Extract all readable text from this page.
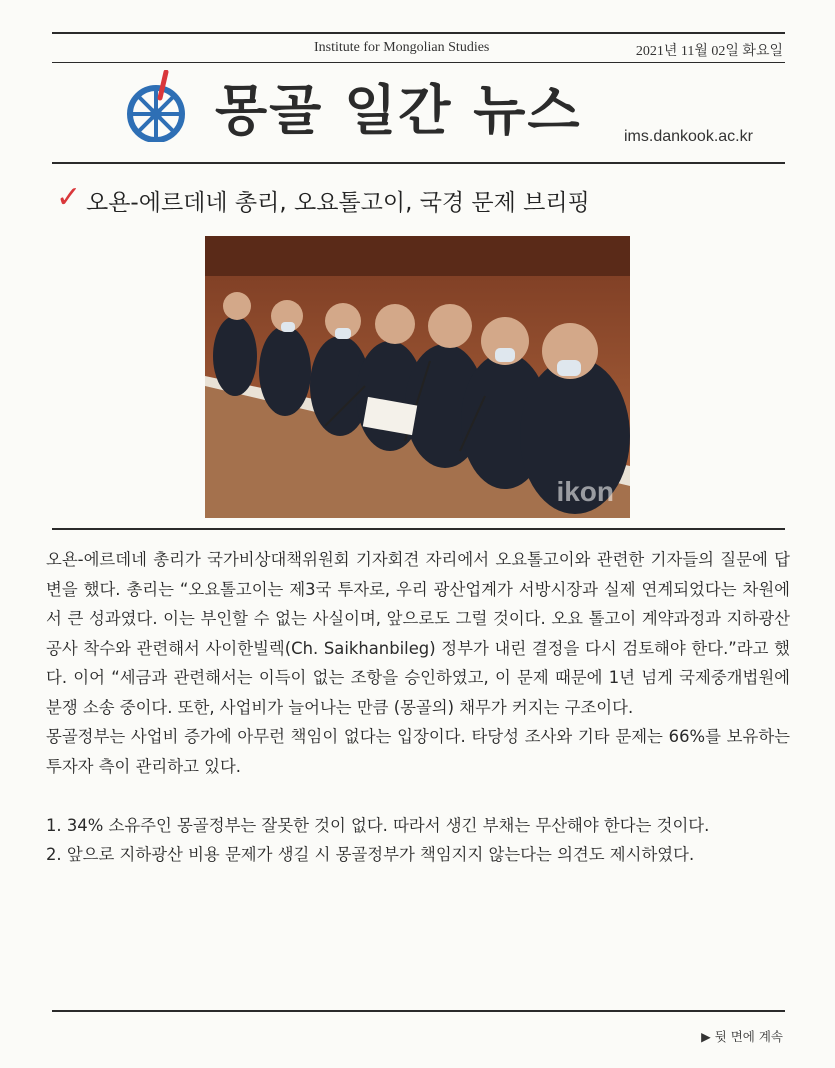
Institute for Mongolian Studies	2021년 11월 02일 화요일
몽골 일간 뉴스	ims.dankook.ac.kr
✓ 오욘-에르데네 총리, 오요톨고이, 국경 문제 브리핑
ikon

오욘-에르데네 총리가 국가비상대책위원회 기자회견 자리에서 오요톨고이와 관련한 기자들의 질문에 답변을 했다. 총리는 “오요톨고이는 제3국 투자로, 우리 광산업계가 서방시장과 실제 연계되었다는 차원에서 큰 성과였다. 이는 부인할 수 없는 사실이며, 앞으로도 그럴 것이다. 오요 톨고이 계약과정과 지하광산 공사 착수와 관련해서 사이한빌렉(Ch. Saikhanbileg) 정부가 내린 결정을 다시 검토해야 한다.”라고 했다. 이어 “세금과 관련해서는 이득이 없는 조항을 승인하였고, 이 문제 때문에 1년 넘게 국제중개법원에 분쟁 소송 중이다. 또한, 사업비가 늘어나는 만큼 (몽골의) 채무가 커지는 구조이다.

몽골정부는 사업비 증가에 아무런 책임이 없다는 입장이다. 타당성 조사와 기타 문제는 66%를 보유하는 투자자 측이 관리하고 있다.

1. 34% 소유주인 몽골정부는 잘못한 것이 없다. 따라서 생긴 부채는 무산해야 한다는 것이다.

2. 앞으로 지하광산 비용 문제가 생길 시 몽골정부가 책임지지 않는다는 의견도 제시하였다.

▶ 뒷 면에 계속
